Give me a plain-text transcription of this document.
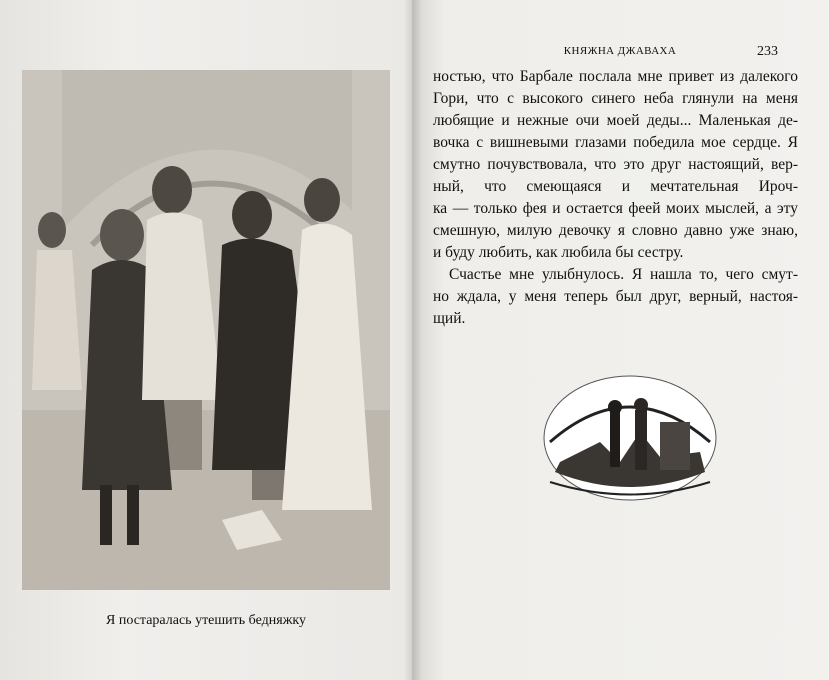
Я постаралась утешить бедняжку
КНЯЖНА ДЖАВАХА	233

ностью, что Барбале послала мне привет из далекого
Гори, что с высокого синего неба глянули на меня
любящие и нежные очи моей деды... Маленькая де-
вочка с вишневыми глазами победила мое сердце. Я
смутно почувствовала, что это друг настоящий, вер-
ный, что смеющаяся и мечтательная Ироч-
ка — только фея и остается феей моих мыслей, а эту
смешную, милую девочку я словно давно уже знаю,
и буду любить, как любила бы сестру.

Счастье мне улыбнулось. Я нашла то, чего смут-
но ждала, у меня теперь был друг, верный, настоя-
щий.
